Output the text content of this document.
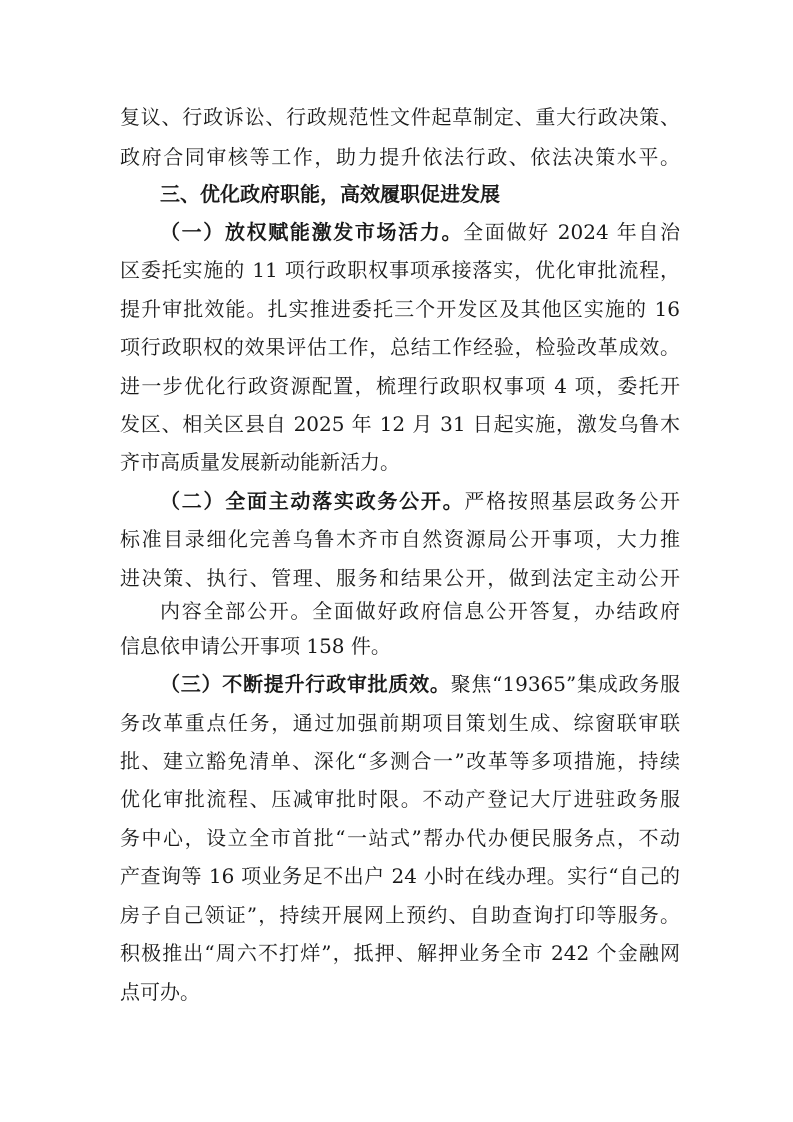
复议、行政诉讼、行政规范性文件起草制定、重大行政决策、
政府合同审核等工作，助力提升依法行政、依法决策水平。
三、优化政府职能，高效履职促进发展
（一）放权赋能激发市场活力。全面做好 2024 年自治
区委托实施的 11 项行政职权事项承接落实，优化审批流程，
提升审批效能。扎实推进委托三个开发区及其他区实施的 16
项行政职权的效果评估工作，总结工作经验，检验改革成效。
进一步优化行政资源配置，梳理行政职权事项 4 项，委托开
发区、相关区县自 2025 年 12 月 31 日起实施，激发乌鲁木
齐市高质量发展新动能新活力。
（二）全面主动落实政务公开。严格按照基层政务公开
标准目录细化完善乌鲁木齐市自然资源局公开事项，大力推
进决策、执行、管理、服务和结果公开，做到法定主动公开
内容全部公开。全面做好政府信息公开答复，办结政府
信息依申请公开事项 158 件。
（三）不断提升行政审批质效。聚焦“19365”集成政务服
务改革重点任务，通过加强前期项目策划生成、综窗联审联
批、建立豁免清单、深化“多测合一”改革等多项措施，持续
优化审批流程、压减审批时限。不动产登记大厅进驻政务服
务中心，设立全市首批“一站式”帮办代办便民服务点，不动
产查询等 16 项业务足不出户 24 小时在线办理。实行“自己的
房子自己领证”，持续开展网上预约、自助查询打印等服务。
积极推出“周六不打烊”，抵押、解押业务全市 242 个金融网
点可办。
